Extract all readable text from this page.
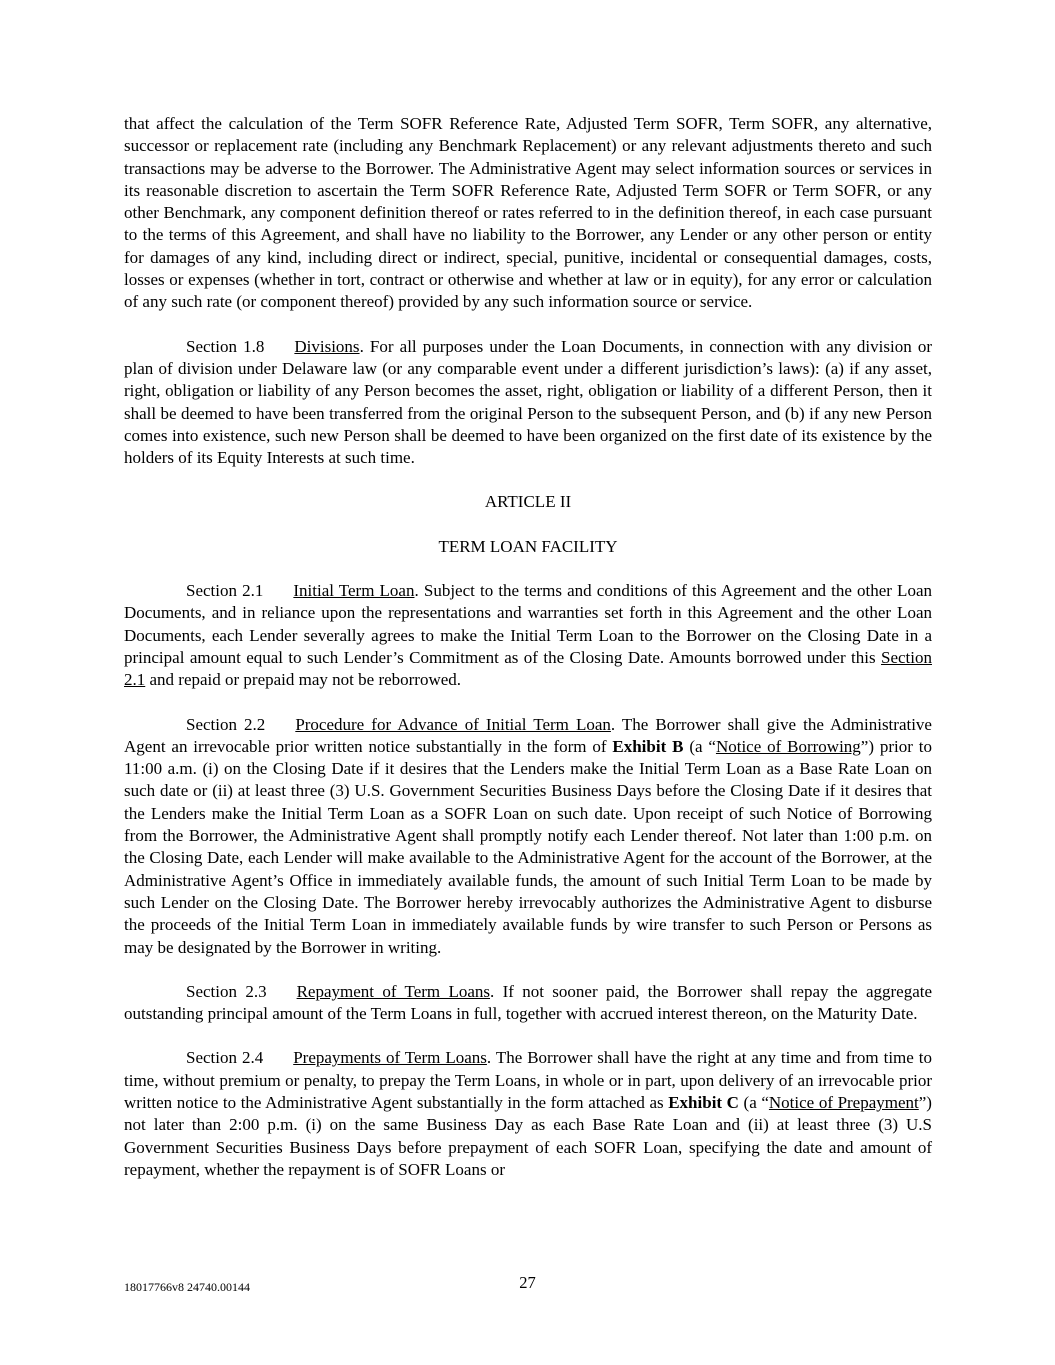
that affect the calculation of the Term SOFR Reference Rate, Adjusted Term SOFR, Term SOFR, any alternative, successor or replacement rate (including any Benchmark Replacement) or any relevant adjustments thereto and such transactions may be adverse to the Borrower. The Administrative Agent may select information sources or services in its reasonable discretion to ascertain the Term SOFR Reference Rate, Adjusted Term SOFR or Term SOFR, or any other Benchmark, any component definition thereof or rates referred to in the definition thereof, in each case pursuant to the terms of this Agreement, and shall have no liability to the Borrower, any Lender or any other person or entity for damages of any kind, including direct or indirect, special, punitive, incidental or consequential damages, costs, losses or expenses (whether in tort, contract or otherwise and whether at law or in equity), for any error or calculation of any such rate (or component thereof) provided by any such information source or service.

Section 1.8 Divisions. For all purposes under the Loan Documents, in connection with any division or plan of division under Delaware law (or any comparable event under a different jurisdiction’s laws): (a) if any asset, right, obligation or liability of any Person becomes the asset, right, obligation or liability of a different Person, then it shall be deemed to have been transferred from the original Person to the subsequent Person, and (b) if any new Person comes into existence, such new Person shall be deemed to have been organized on the first date of its existence by the holders of its Equity Interests at such time.

ARTICLE II

TERM LOAN FACILITY

Section 2.1 Initial Term Loan. Subject to the terms and conditions of this Agreement and the other Loan Documents, and in reliance upon the representations and warranties set forth in this Agreement and the other Loan Documents, each Lender severally agrees to make the Initial Term Loan to the Borrower on the Closing Date in a principal amount equal to such Lender’s Commitment as of the Closing Date. Amounts borrowed under this Section 2.1 and repaid or prepaid may not be reborrowed.

Section 2.2 Procedure for Advance of Initial Term Loan. The Borrower shall give the Administrative Agent an irrevocable prior written notice substantially in the form of Exhibit B (a “Notice of Borrowing”) prior to 11:00 a.m. (i) on the Closing Date if it desires that the Lenders make the Initial Term Loan as a Base Rate Loan on such date or (ii) at least three (3) U.S. Government Securities Business Days before the Closing Date if it desires that the Lenders make the Initial Term Loan as a SOFR Loan on such date. Upon receipt of such Notice of Borrowing from the Borrower, the Administrative Agent shall promptly notify each Lender thereof. Not later than 1:00 p.m. on the Closing Date, each Lender will make available to the Administrative Agent for the account of the Borrower, at the Administrative Agent’s Office in immediately available funds, the amount of such Initial Term Loan to be made by such Lender on the Closing Date. The Borrower hereby irrevocably authorizes the Administrative Agent to disburse the proceeds of the Initial Term Loan in immediately available funds by wire transfer to such Person or Persons as may be designated by the Borrower in writing.

Section 2.3 Repayment of Term Loans. If not sooner paid, the Borrower shall repay the aggregate outstanding principal amount of the Term Loans in full, together with accrued interest thereon, on the Maturity Date.

Section 2.4 Prepayments of Term Loans. The Borrower shall have the right at any time and from time to time, without premium or penalty, to prepay the Term Loans, in whole or in part, upon delivery of an irrevocable prior written notice to the Administrative Agent substantially in the form attached as Exhibit C (a “Notice of Prepayment”) not later than 2:00 p.m. (i) on the same Business Day as each Base Rate Loan and (ii) at least three (3) U.S Government Securities Business Days before prepayment of each SOFR Loan, specifying the date and amount of repayment, whether the repayment is of SOFR Loans or

18017766v8 24740.00144	27
